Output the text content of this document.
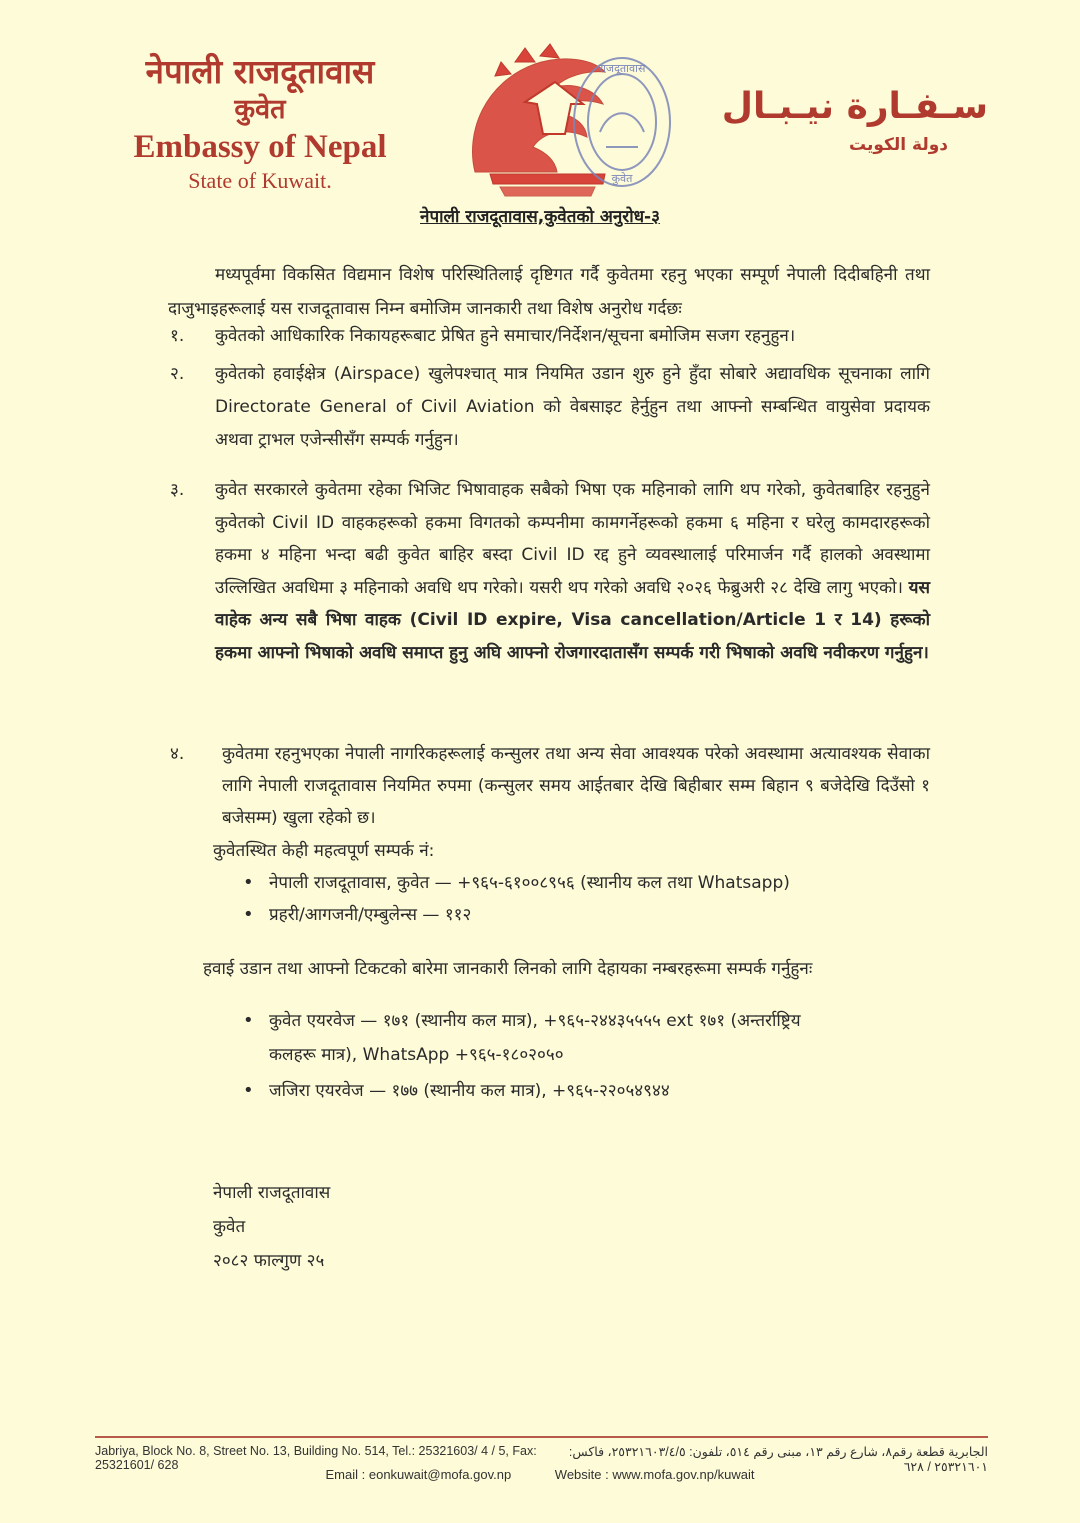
नेपाली राजदूतावास
कुवेत
Embassy of Nepal
State of Kuwait.
राजदूतावास
कुवेत
سـفـارة نيـبـال
دولة الكويت
नेपाली राजदूतावास,कुवेतको अनुरोध-३
मध्यपूर्वमा विकसित विद्यमान विशेष परिस्थितिलाई दृष्टिगत गर्दै कुवेतमा रहनु भएका सम्पूर्ण नेपाली दिदीबहिनी तथा दाजुभाइहरूलाई यस राजदूतावास निम्न बमोजिम जानकारी तथा विशेष अनुरोध गर्दछः
१. कुवेतको आधिकारिक निकायहरूबाट प्रेषित हुने समाचार/निर्देशन/सूचना बमोजिम सजग रहनुहुन।
२. कुवेतको हवाईक्षेत्र (Airspace) खुलेपश्चात् मात्र नियमित उडान शुरु हुने हुँदा सोबारे अद्यावधिक सूचनाका लागि Directorate General of Civil Aviation को वेबसाइट हेर्नुहुन तथा आफ्नो सम्बन्धित वायुसेवा प्रदायक अथवा ट्राभल एजेन्सीसँग सम्पर्क गर्नुहुन।
३. कुवेत सरकारले कुवेतमा रहेका भिजिट भिषावाहक सबैको भिषा एक महिनाको लागि थप गरेको, कुवेतबाहिर रहनुहुने कुवेतको Civil ID वाहकहरूको हकमा विगतको कम्पनीमा कामगर्नेहरूको हकमा ६ महिना र घरेलु कामदारहरूको हकमा ४ महिना भन्दा बढी कुवेत बाहिर बस्दा Civil ID रद्द हुने व्यवस्थालाई परिमार्जन गर्दै हालको अवस्थामा उल्लिखित अवधिमा ३ महिनाको अवधि थप गरेको। यसरी थप गरेको अवधि २०२६ फेब्रुअरी २८ देखि लागु भएको। यस वाहेक अन्य सबै भिषा वाहक (Civil ID expire, Visa cancellation/Article 1 र 14) हरूको हकमा आफ्नो भिषाको अवधि समाप्त हुनु अघि आफ्नो रोजगारदातासँग सम्पर्क गरी भिषाको अवधि नवीकरण गर्नुहुन।
४. कुवेतमा रहनुभएका नेपाली नागरिकहरूलाई कन्सुलर तथा अन्य सेवा आवश्यक परेको अवस्थामा अत्यावश्यक सेवाका लागि नेपाली राजदूतावास नियमित रुपमा (कन्सुलर समय आईतबार देखि बिहीबार सम्म बिहान ९ बजेदेखि दिउँसो १ बजेसम्म) खुला रहेको छ।
कुवेतस्थित केही महत्वपूर्ण सम्पर्क नं:
• नेपाली राजदूतावास, कुवेत — +९६५-६१००८९५६ (स्थानीय कल तथा Whatsapp)
• प्रहरी/आगजनी/एम्बुलेन्स — ११२
हवाई उडान तथा आफ्नो टिकटको बारेमा जानकारी लिनको लागि देहायका नम्बरहरूमा सम्पर्क गर्नुहुनः
• कुवेत एयरवेज — १७१ (स्थानीय कल मात्र), +९६५-२४४३५५५५ ext १७१ (अन्तर्राष्ट्रिय कलहरू मात्र), WhatsApp +९६५-१८०२०५०
• जजिरा एयरवेज — १७७ (स्थानीय कल मात्र), +९६५-२२०५४९४४
नेपाली राजदूतावास
कुवेत
२०८२ फाल्गुण २५
Jabriya, Block No. 8, Street No. 13, Building No. 514, Tel.: 25321603/ 4 / 5, Fax: 25321601/ 628
الجابرية قطعة رقم٨، شارع رقم ١٣، مبنى رقم ٥١٤، تلفون: ٢٥٣٢١٦٠٣/٤/٥، فاكس: ٢٥٣٢١٦٠١ / ٦٢٨
Email : eonkuwait@mofa.gov.np	Website : www.mofa.gov.np/kuwait
